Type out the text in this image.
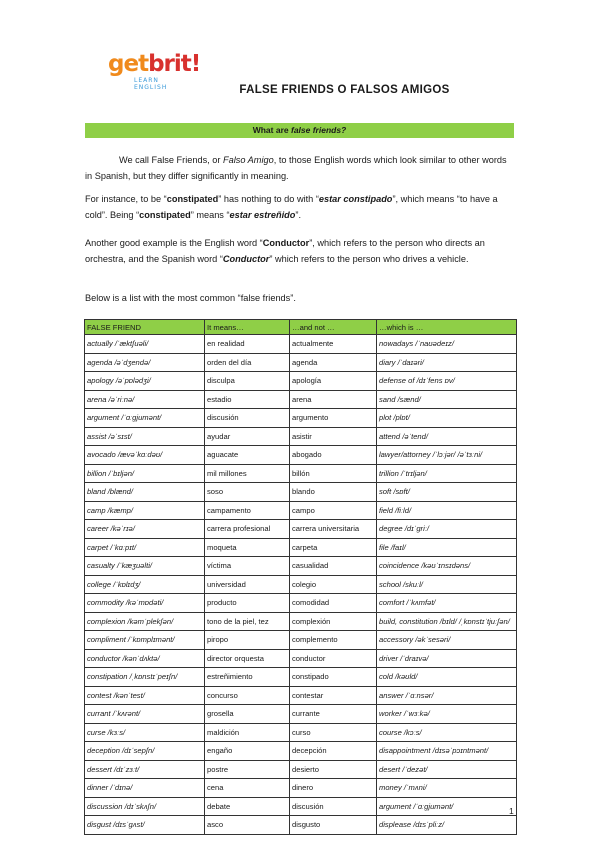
getbrit!
LEARN ENGLISH	FALSE FRIENDS O FALSOS AMIGOS
What are false friends?
We call False Friends, or Falso Amigo, to those English words which look similar to other words in Spanish, but they differ significantly in meaning.
For instance, to be “constipated” has nothing to do with “estar constipado”, which means “to have a cold”. Being “constipated” means “estar estreñido”.
Another good example is the English word “Conductor”, which refers to the person who directs an orchestra, and the Spanish word “Conductor” which refers to the person who drives a vehicle.
Below is a list with the most common “false friends”.
FALSE FRIEND	It means…	…and not …	…which is …
actually /ˈæktʃuəli/	en realidad	actualmente	nowadays /ˈnaʊədeɪz/
agenda /əˈdʒendə/	orden del día	agenda	diary /ˈdaɪəri/
apology /əˈpɒlədʒi/	disculpa	apología	defense of /dɪˈfens ɒv/
arena /əˈriːnə/	estadio	arena	sand /sænd/
argument /ˈɑːgjumənt/	discusión	argumento	plot /plɒt/
assist /əˈsɪst/	ayudar	asistir	attend /əˈtend/
avocado /ævəˈkɑːdəʊ/	aguacate	abogado	lawyer/attorney /ˈlɔːjər/ /əˈtɜːni/
billion /ˈbɪljən/	mil millones	billón	trillion /ˈtrɪljən/
bland /blænd/	soso	blando	soft /sɒft/
camp /kæmp/	campamento	campo	field /fiːld/
career /kəˈrɪə/	carrera profesional	carrera universitaria	degree /dɪˈgriː/
carpet /ˈkɑːpɪt/	moqueta	carpeta	file /faɪl/
casualty /ˈkæʒuəlti/	víctima	casualidad	coincidence /kəʊˈɪnsɪdəns/
college /ˈkɒlɪdʒ/	universidad	colegio	school /skuːl/
commodity /kəˈmɒdəti/	producto	comodidad	comfort /ˈkʌmfət/
complexion /kəmˈplekʃən/	tono de la piel, tez	complexión	build, constitution /bɪld/ /ˌkɒnstɪˈtjuːʃən/
compliment /ˈkɒmplɪmənt/	piropo	complemento	accessory /əkˈsesəri/
conductor /kənˈdʌktə/	director orquesta	conductor	driver /ˈdraɪvə/
constipation /ˌkɒnstɪˈpeɪʃn/	estreñimiento	constipado	cold /kəʊld/
contest /kənˈtest/	concurso	contestar	answer /ˈɑːnsər/
currant /ˈkʌrənt/	grosella	currante	worker /ˈwɜːkə/
curse /kɜːs/	maldición	curso	course /kɔːs/
deception /dɪˈsepʃn/	engaño	decepción	disappointment /dɪsəˈpɔɪntmənt/
dessert /dɪˈzɜːt/	postre	desierto	desert /ˈdezət/
dinner /ˈdɪnə/	cena	dinero	money /ˈmʌni/
discussion /dɪˈskʌʃn/	debate	discusión	argument /ˈɑːgjumənt/
disgust /dɪsˈgʌst/	asco	disgusto	displease /dɪsˈpliːz/
1
